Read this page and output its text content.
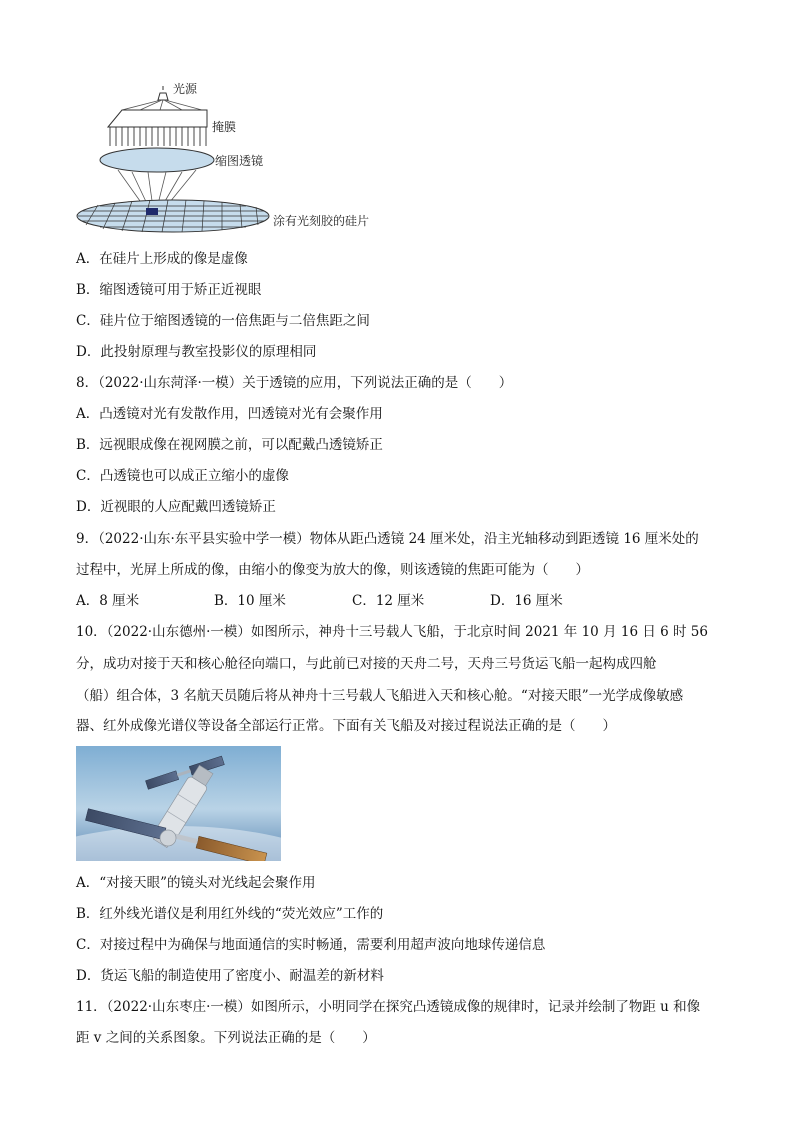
光源
掩膜
缩图透镜
涂有光刻胶的硅片
A．在硅片上形成的像是虚像
B．缩图透镜可用于矫正近视眼
C．硅片位于缩图透镜的一倍焦距与二倍焦距之间
D．此投射原理与教室投影仪的原理相同
8．（2022·山东菏泽·一模）关于透镜的应用，下列说法正确的是（　　）
A．凸透镜对光有发散作用，凹透镜对光有会聚作用
B．远视眼成像在视网膜之前，可以配戴凸透镜矫正
C．凸透镜也可以成正立缩小的虚像
D．近视眼的人应配戴凹透镜矫正
9．（2022·山东·东平县实验中学一模）物体从距凸透镜 24 厘米处，沿主光轴移动到距透镜 16 厘米处的
过程中，光屏上所成的像，由缩小的像变为放大的像，则该透镜的焦距可能为（　　）
A．8 厘米	B．10 厘米	C．12 厘米	D．16 厘米
10．（2022·山东德州·一模）如图所示，神舟十三号载人飞船，于北京时间 2021 年 10 月 16 日 6 时 56
分，成功对接于天和核心舱径向端口，与此前已对接的天舟二号，天舟三号货运飞船一起构成四舱
（船）组合体，3 名航天员随后将从神舟十三号载人飞船进入天和核心舱。“对接天眼”一光学成像敏感
器、红外成像光谱仪等设备全部运行正常。下面有关飞船及对接过程说法正确的是（　　）
A．“对接天眼”的镜头对光线起会聚作用
B．红外线光谱仪是利用红外线的“荧光效应”工作的
C．对接过程中为确保与地面通信的实时畅通，需要利用超声波向地球传递信息
D．货运飞船的制造使用了密度小、耐温差的新材料
11．（2022·山东枣庄·一模）如图所示，小明同学在探究凸透镜成像的规律时，记录并绘制了物距 u 和像
距 v 之间的关系图象。下列说法正确的是（　　）
